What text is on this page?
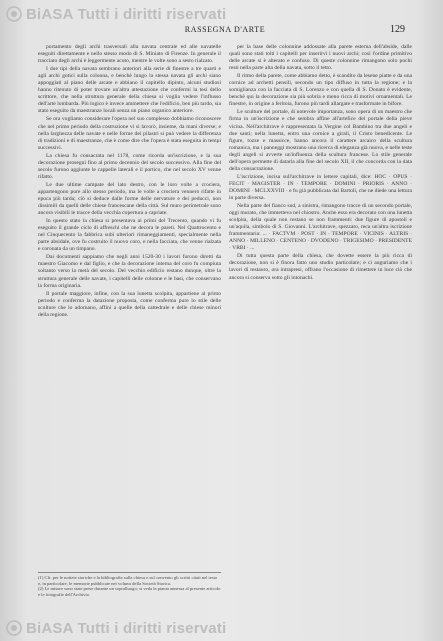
BiASA Tutti i diritti riservati
RASSEGNA D'ARTE	129

portamento degli archi trasversali alla navata centrale ed alle navatelle eseguiti direttamente e nello stesso modo di S. Miniato di Firenze. In generale il tracciato degli archi è leggermente acuto, mentre le volte sono a sesto rialzato.

I due tipi della navata sembrano anteriori alla serie di finestre a tre quarti e agli archi gotici sulla colonna, e benchè lungo la stessa navata gli archi siano appoggiati al piano delle arcate e abbiano il capitello dipinto, alcuni studiosi hanno ritenuto di poter trovare un'altra attestazione che confermi la tesi dello scrittore, che nella struttura generale della chiesa si voglia vedere l'influsso dell'arte lombarda. Più logico è invece ammettere che l'edificio, ben più tardo, sia stato eseguito da maestranze locali senza un piano organico anteriore.

Se ora vogliamo considerare l'opera nel suo complesso dobbiamo riconoscere che nel primo periodo della costruzione vi si lavorò, insieme, da mani diverse; e nella larghezza delle navate e nelle forme dei pilastri si può vedere la differenza di tradizioni e di maestranze, che è come dire che l'opera è stata eseguita in tempi successivi.

La chiesa fu consacrata nel 1178, come ricorda un'iscrizione, e la sua decorazione proseguì fino al primo decennio del secolo successivo. Alla fine del secolo furono aggiunte le cappelle laterali e il portico, che nel secolo XV venne rifatto.

Le due ultime campate del lato destro, con le loro volte a crociera, appartengono pure allo stesso periodo, ma le volte a crociera vennero rifatte in epoca più tarda; ciò si deduce dalle forme delle nervature e dei peducci, non dissimili da quelli delle chiese francescane della città. Sul muro perimetrale sono ancora visibili le tracce della vecchia copertura a capriate.

In questo stato la chiesa si presentava ai primi del Trecento, quando vi fu eseguito il grande ciclo di affreschi che ne decora le pareti. Nel Quattrocento e nel Cinquecento la fabbrica subì ulteriori rimaneggiamenti, specialmente nella parte absidale, ove fu costruito il nuovo coro, e nella facciata, che venne rialzata e coronata da un timpano.

Dai documenti sappiamo che negli anni 1520-30 i lavori furono diretti da maestro Giacomo e dal figlio, e che la decorazione interna del coro fu compiuta soltanto verso la metà del secolo. Del vecchio edificio restano dunque, oltre la struttura generale delle navate, i capitelli delle colonne e le basi, che conservano la forma originaria.

Il portale maggiore, infine, con la sua lunetta scolpita, appartiene al primo periodo e conferma la datazione proposta, come conferma pure lo stile delle sculture che lo adornano, affini a quelle della cattedrale e delle chiese minori della regione.

per la base delle colonnine addossate alla parete esterna dell'abside, dalle quali sono stati tolti i capitelli per inserirvi i nuovi archi; così l'ordine primitivo delle arcate si è alterato e confuso. Di queste colonnine rimangono solo pochi resti nella parte alta della navata, sotto il tetto.

Il ritmo della parete, come abbiamo detto, è scandito da lesene piatte e da una cornice ad archetti pensili, secondo un tipo diffuso in tutta la regione; e la somiglianza con la facciata di S. Lorenzo e con quella di S. Donato è evidente, benchè qui la decorazione sia più sobria e meno ricca di motivi ornamentali. Le finestre, in origine a feritoia, furono più tardi allargate e trasformate in bifore.

Le sculture del portale, di notevole importanza, sono opera di un maestro che firma in un'iscrizione e che sembra affine all'artefice del portale della pieve vicina. Nell'architrave è rappresentata la Vergine col Bambino tra due angeli e due santi; nella lunetta, entro una cornice a girali, il Cristo benedicente. Le figure, tozze e massicce, hanno ancora il carattere arcaico della scultura romanica, ma i panneggi mostrano una ricerca di eleganza già nuova, e nelle teste degli angeli si avverte un'influenza della scultura francese. Lo stile generale dell'opera permette di datarla alla fine del secolo XII, il che concorda con la data della consacrazione.

L'iscrizione, incisa sull'architrave in lettere capitali, dice: HOC · OPUS · FECIT · MAGISTER · IN · TEMPORE · DOMINI · PRIORIS · ANNO · DOMINI · MCLXXVIII · e fu già pubblicata dal Bartoli, che ne diede una lettura in parte diversa.

Nella parte del fianco sud, a sinistra, rimangono tracce di un secondo portale, oggi murato, che immetteva nel chiostro. Anche esso era decorato con una lunetta scolpita, della quale non restano se non frammenti: due figure di apostoli e un'aquila, simbolo di S. Giovanni. L'architrave, spezzato, reca un'altra iscrizione frammentaria: ... · FACTVM · POST · IN · TEMPORE · VICINIS · ALTRIS · ANNO · MILLENO · CENTENO · DVODENO · TRIGESIMO · PRESIDENTE · VRBI · ...

Di tutta questa parte della chiesa, che dovette essere la più ricca di decorazione, non si è finora fatto uno studio particolare; e ci auguriamo che i lavori di restauro, ora intrapresi, offrano l'occasione di rimettere in luce ciò che ancora si conserva sotto gli intonachi.

(1) Cfr. per le notizie storiche e la bibliografia sulla chiesa e sul convento gli scritti citati nel testo e, in particolare, le memorie pubblicate nei volumi della Società Storica.
(2) Le misure sono state prese durante un sopralluogo; si veda la pianta annessa al presente articolo e le fotografie dell'Archivio.
BiASA Tutti i diritti riservati
